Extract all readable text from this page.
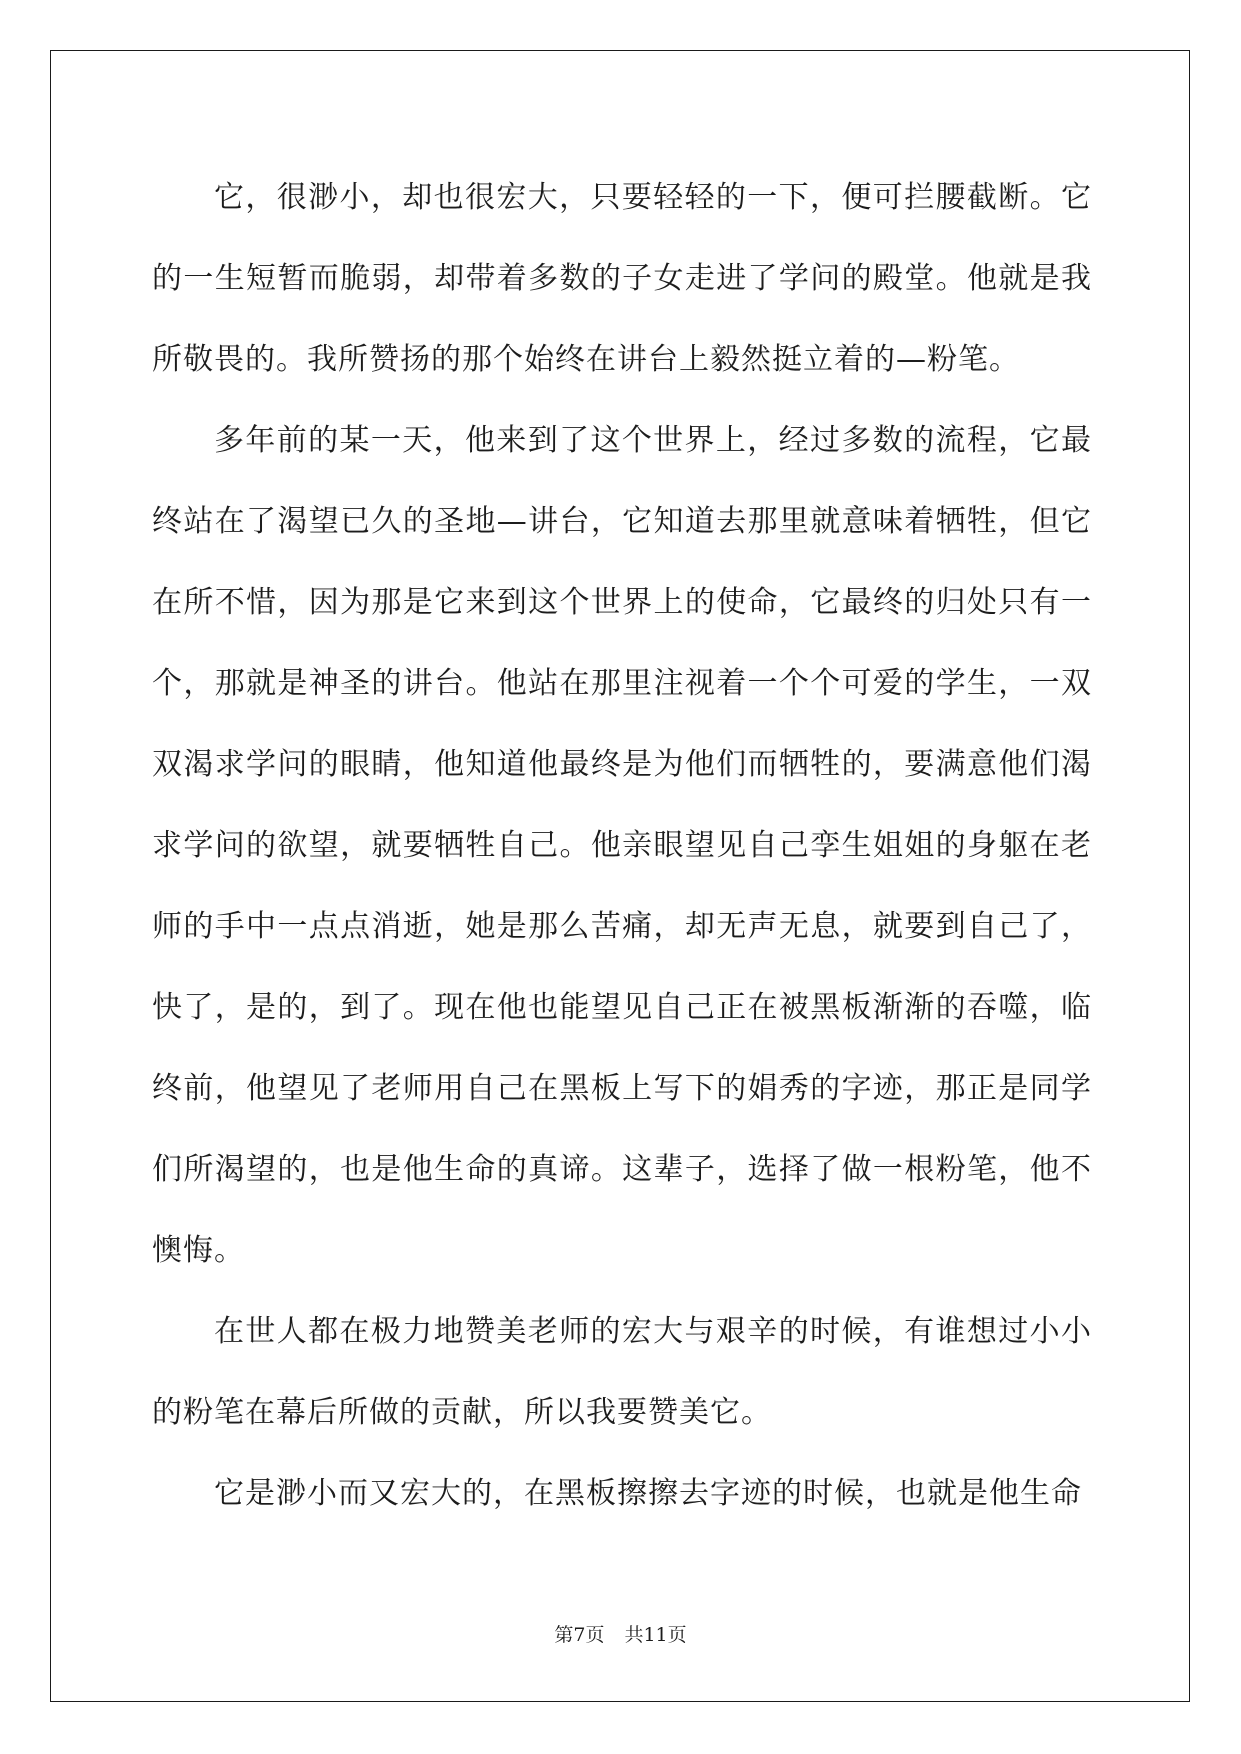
它，很渺小，却也很宏大，只要轻轻的一下，便可拦腰截断。它的一生短暂而脆弱，却带着多数的子女走进了学问的殿堂。他就是我所敬畏的。我所赞扬的那个始终在讲台上毅然挺立着的—粉笔。

多年前的某一天，他来到了这个世界上，经过多数的流程，它最终站在了渴望已久的圣地—讲台，它知道去那里就意味着牺牲，但它在所不惜，因为那是它来到这个世界上的使命，它最终的归处只有一个，那就是神圣的讲台。他站在那里注视着一个个可爱的学生，一双双渴求学问的眼睛，他知道他最终是为他们而牺牲的，要满意他们渴求学问的欲望，就要牺牲自己。他亲眼望见自己孪生姐姐的身躯在老师的手中一点点消逝，她是那么苦痛，却无声无息，就要到自己了，快了，是的，到了。现在他也能望见自己正在被黑板渐渐的吞噬，临终前，他望见了老师用自己在黑板上写下的娟秀的字迹，那正是同学们所渴望的，也是他生命的真谛。这辈子，选择了做一根粉笔，他不懊悔。

在世人都在极力地赞美老师的宏大与艰辛的时候，有谁想过小小的粉笔在幕后所做的贡献，所以我要赞美它。

它是渺小而又宏大的，在黑板擦擦去字迹的时候，也就是他生命

第7页 共11页
